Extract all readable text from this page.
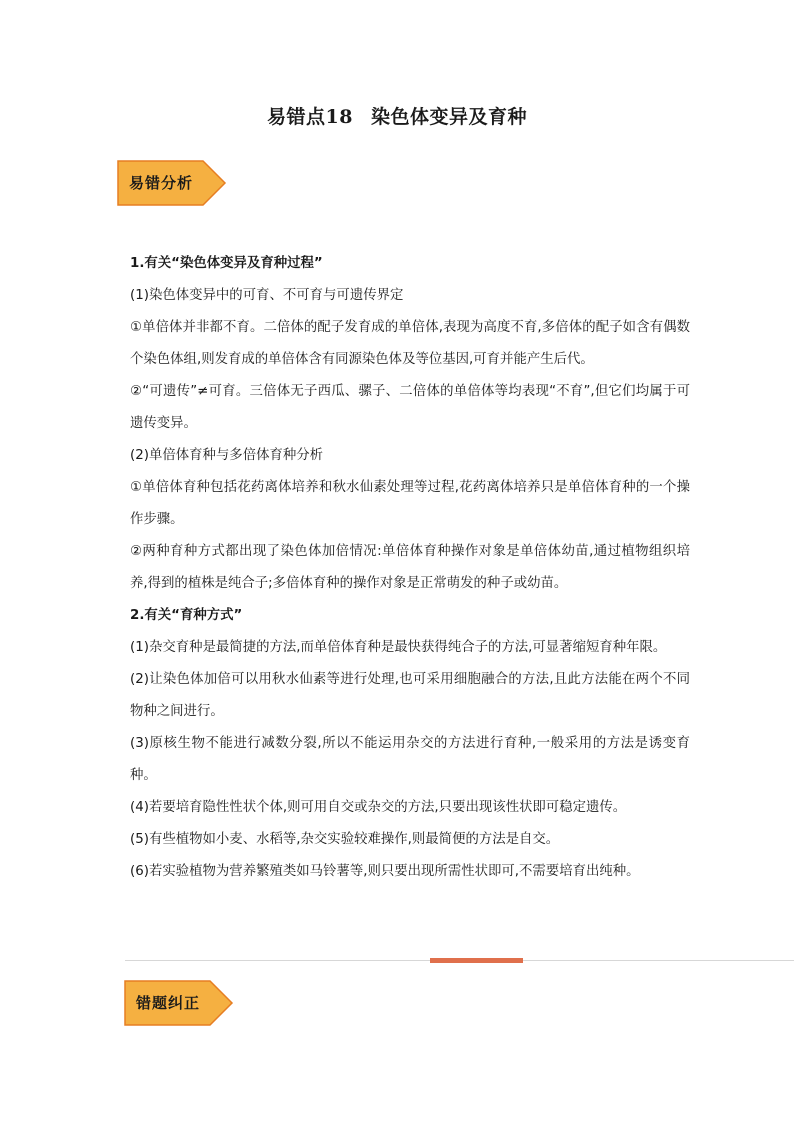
易错点18 染色体变异及育种
易错分析

1.有关“染色体变异及育种过程”

(1)染色体变异中的可育、不可育与可遗传界定

①单倍体并非都不育。二倍体的配子发育成的单倍体,表现为高度不育,多倍体的配子如含有偶数个染色体组,则发育成的单倍体含有同源染色体及等位基因,可育并能产生后代。

②“可遗传”≠可育。三倍体无子西瓜、骡子、二倍体的单倍体等均表现“不育”,但它们均属于可遗传变异。

(2)单倍体育种与多倍体育种分析

①单倍体育种包括花药离体培养和秋水仙素处理等过程,花药离体培养只是单倍体育种的一个操作步骤。

②两种育种方式都出现了染色体加倍情况:单倍体育种操作对象是单倍体幼苗,通过植物组织培养,得到的植株是纯合子;多倍体育种的操作对象是正常萌发的种子或幼苗。

2.有关“育种方式”

(1)杂交育种是最简捷的方法,而单倍体育种是最快获得纯合子的方法,可显著缩短育种年限。

(2)让染色体加倍可以用秋水仙素等进行处理,也可采用细胞融合的方法,且此方法能在两个不同物种之间进行。

(3)原核生物不能进行减数分裂,所以不能运用杂交的方法进行育种,一般采用的方法是诱变育种。

(4)若要培育隐性性状个体,则可用自交或杂交的方法,只要出现该性状即可稳定遗传。

(5)有些植物如小麦、水稻等,杂交实验较难操作,则最简便的方法是自交。

(6)若实验植物为营养繁殖类如马铃薯等,则只要出现所需性状即可,不需要培育出纯种。

错题纠正
